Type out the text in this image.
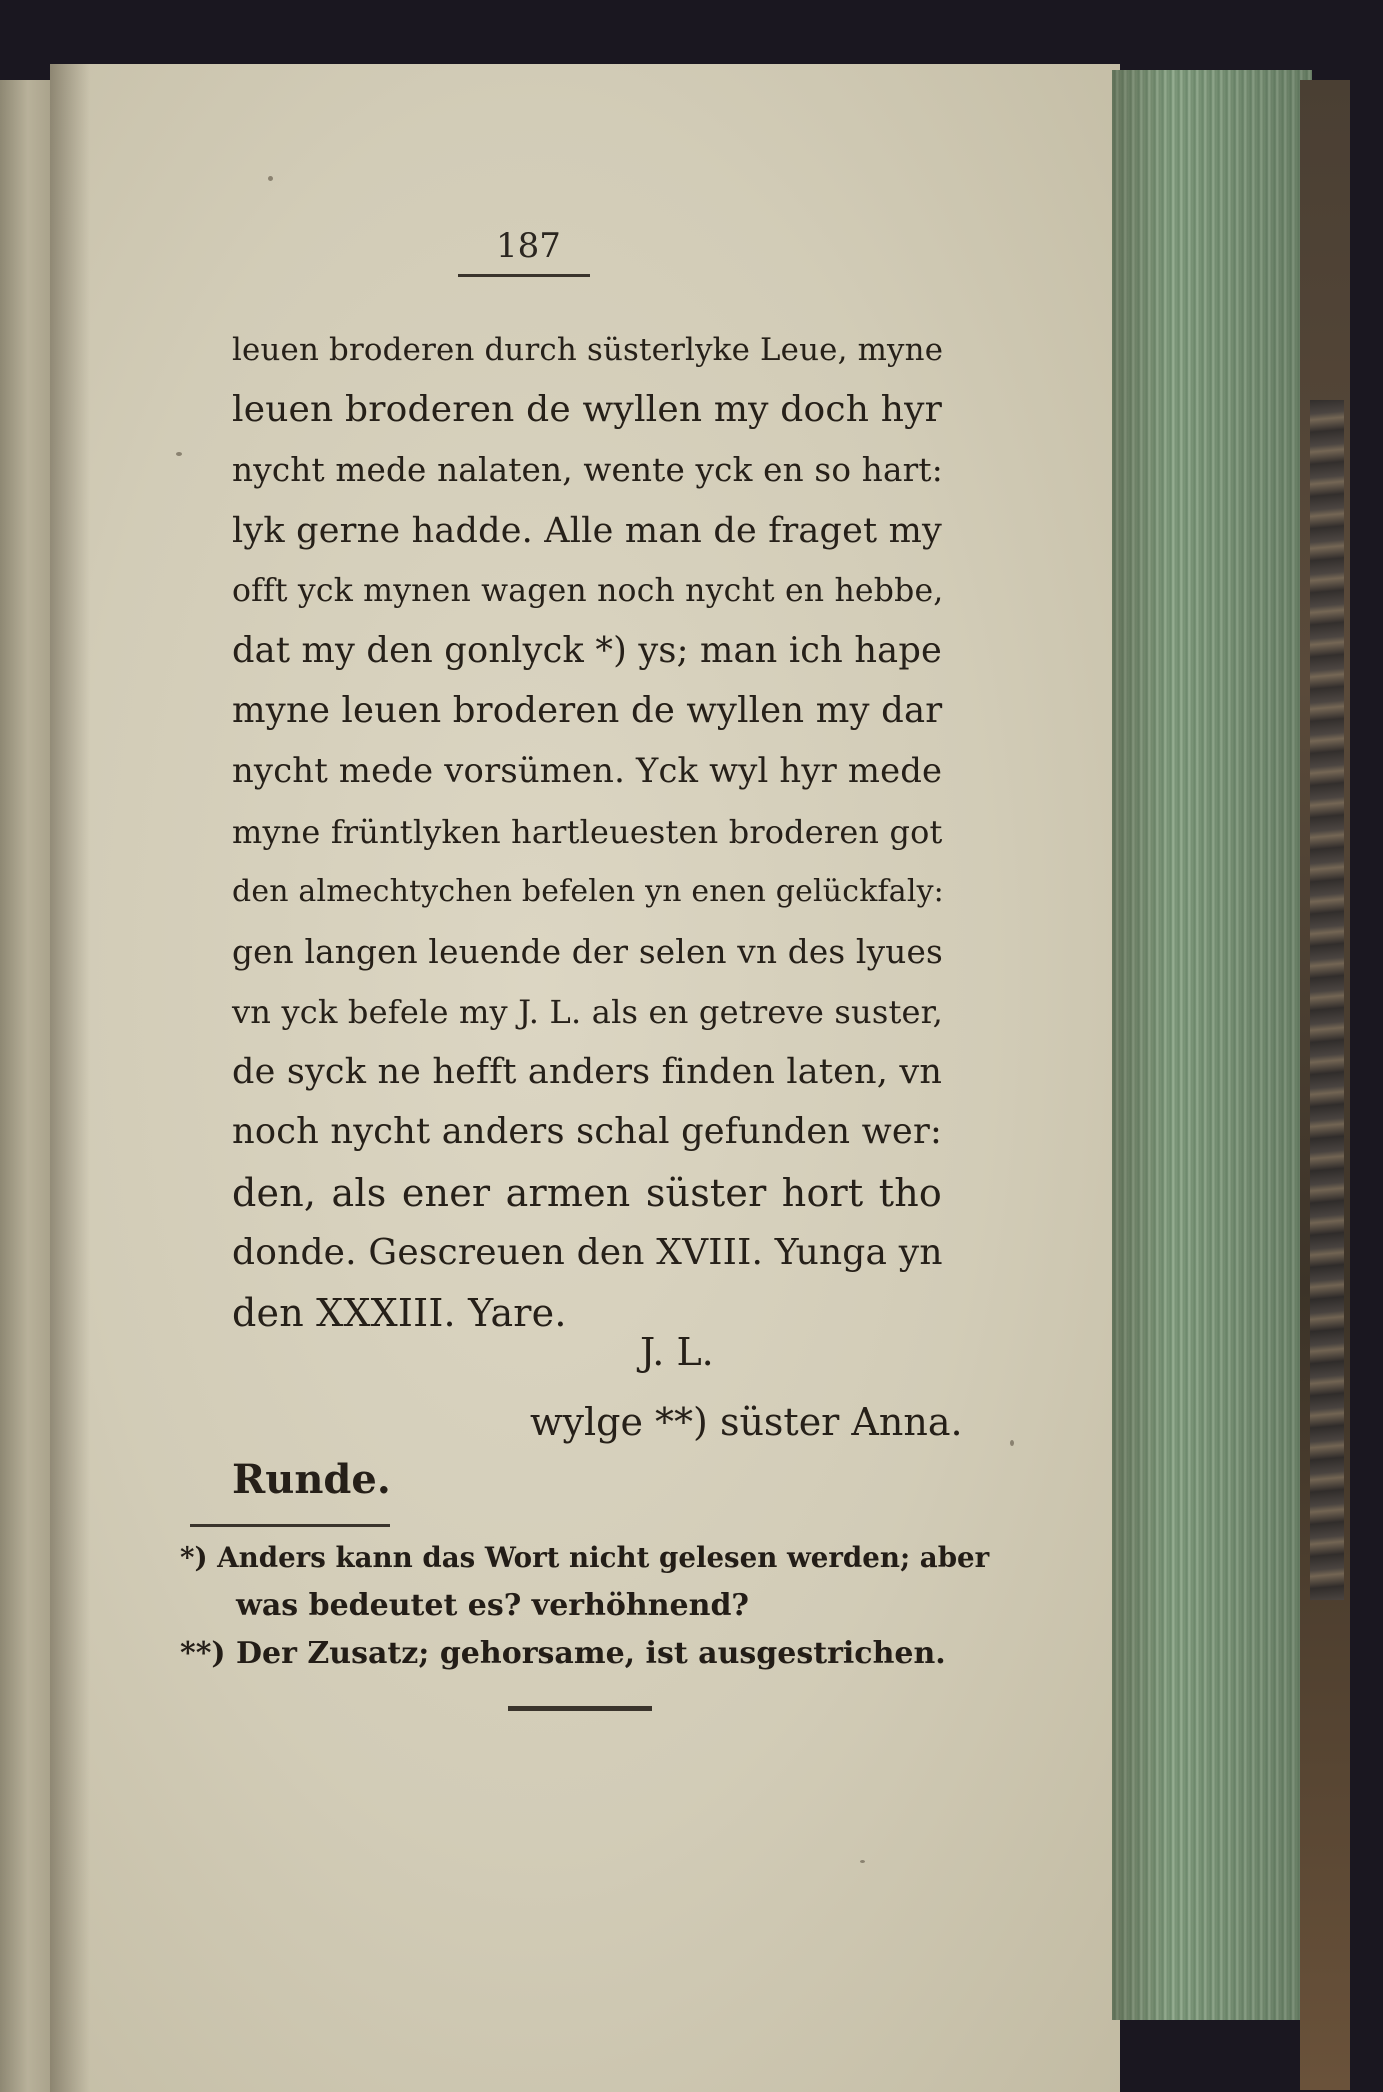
187
leuen broderen durch süsterlyke Leue, myne
leuen broderen de wyllen my doch hyr
nycht mede nalaten, wente yck en so hart:
lyk gerne hadde. Alle man de fraget my
offt yck mynen wagen noch nycht en hebbe,
dat my den gonlyck *) ys; man ich hape
myne leuen broderen de wyllen my dar
nycht mede vorsümen. Yck wyl hyr mede
myne früntlyken hartleuesten broderen got
den almechtychen befelen yn enen gelückfaly:
gen langen leuende der selen vn des lyues
vn yck befele my J. L. als en getreve suster,
de syck ne hefft anders finden laten, vn
noch nycht anders schal gefunden wer:
den, als ener armen süster hort tho
donde. Gescreuen den XVIII. Yunga yn
den XXXIII. Yare.
J. L.
wylge **) süster Anna.
Runde.
*) Anders kann das Wort nicht gelesen werden; aber
was bedeutet es? verhöhnend?
**) Der Zusatz; gehorsame, ist ausgestrichen.
